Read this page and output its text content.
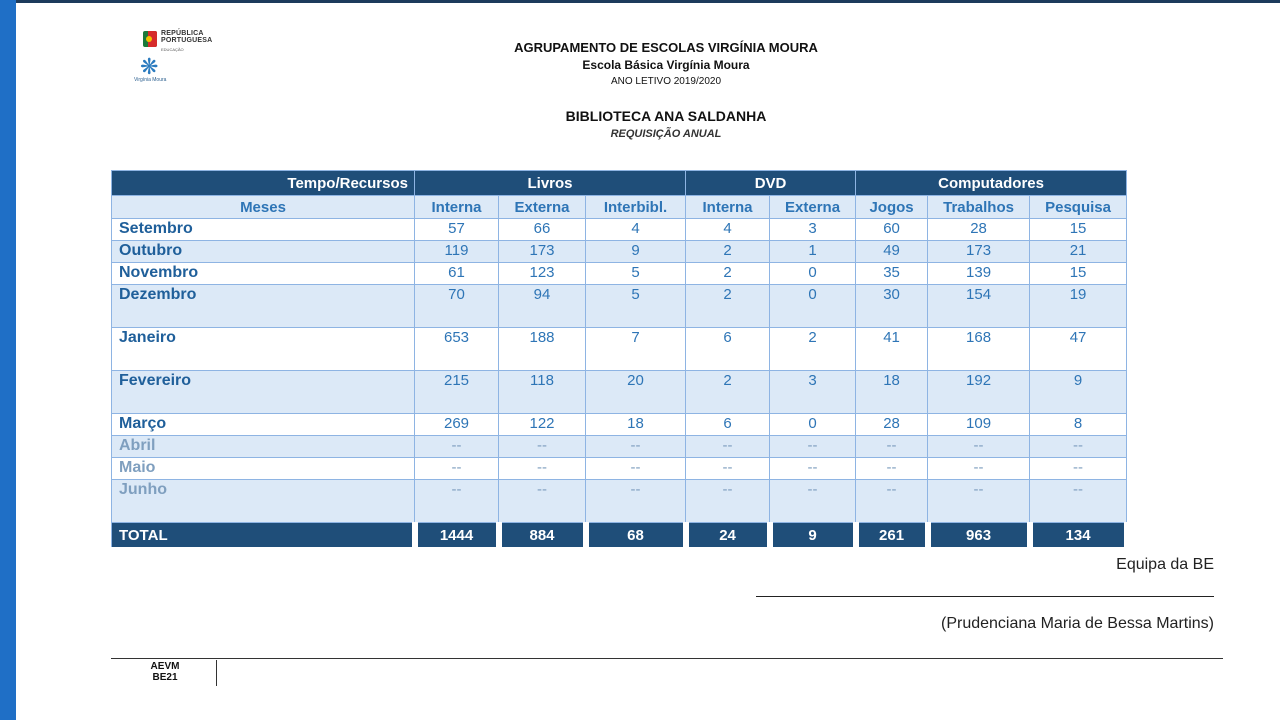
REPÚBLICA
PORTUGUESA
EDUCAÇÃO
❋
Virgínia Moura
AGRUPAMENTO DE ESCOLAS VIRGÍNIA MOURA
Escola Básica Virgínia Moura
ANO LETIVO 2019/2020
BIBLIOTECA ANA SALDANHA
REQUISIÇÃO ANUAL
Tempo/Recursos	Livros			DVD		Computadores		
Meses	Interna	Externa	Interbibl.	Interna	Externa	Jogos	Trabalhos	Pesquisa
Setembro	57	66	4	4	3	60	28	15
Outubro	119	173	9	2	1	49	173	21
Novembro	61	123	5	2	0	35	139	15
Dezembro	70	94	5	2	0	30	154	19
Janeiro	653	188	7	6	2	41	168	47
Fevereiro	215	118	20	2	3	18	192	9
Março	269	122	18	6	0	28	109	8
Abril	--	--	--	--	--	--	--	--
Maio	--	--	--	--	--	--	--	--
Junho	--	--	--	--	--	--	--	--
TOTAL	1444	884	68	24	9	261	963	134
Equipa da BE
(Prudenciana Maria de Bessa Martins)
AEVM
BE21
